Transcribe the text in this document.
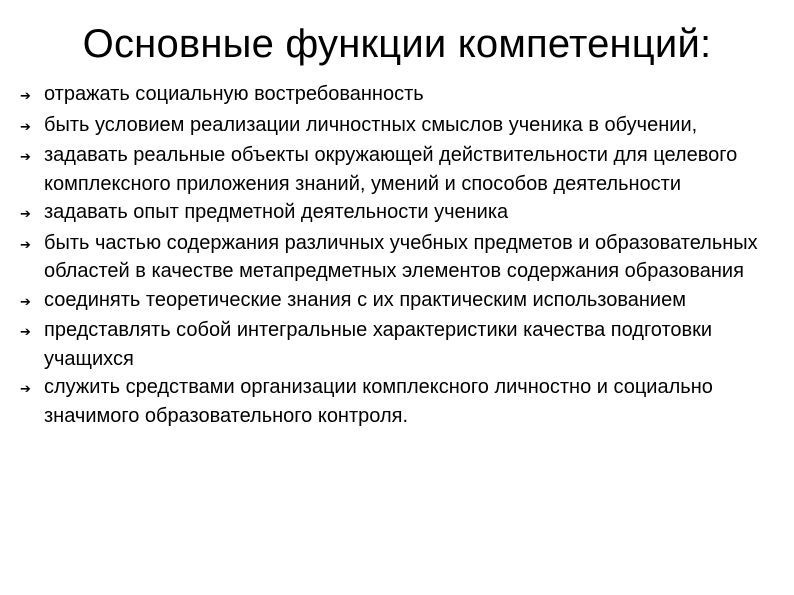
Основные функции компетенций:
➔ отражать социальную востребованность
➔ быть условием реализации личностных смыслов ученика в обучении,
➔ задавать реальные объекты окружающей действительности для целевого комплексного приложения знаний, умений и способов деятельности
➔ задавать опыт предметной деятельности ученика
➔ быть частью содержания различных учебных предметов и образовательных областей в качестве метапредметных элементов содержания образования
➔ соединять теоретические знания с их практическим использованием
➔ представлять собой интегральные характеристики качества подготовки учащихся
➔ служить средствами организации комплексного личностно и социально значимого образовательного контроля.
